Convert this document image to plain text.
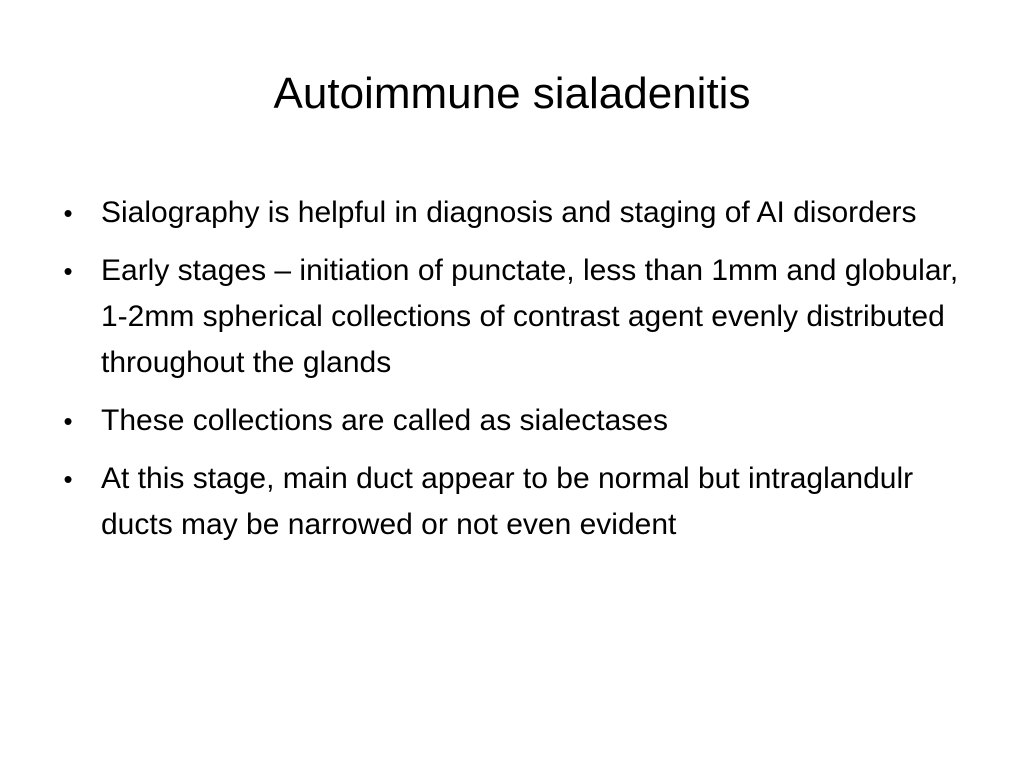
Autoimmune sialadenitis
• Sialography is helpful in diagnosis and staging of AI disorders
• Early stages – initiation of punctate, less than 1mm and globular, 1-2mm spherical collections of contrast agent evenly distributed throughout the glands
• These collections are called as sialectases
• At this stage, main duct appear to be normal but intraglandulr ducts may be narrowed or not even evident
